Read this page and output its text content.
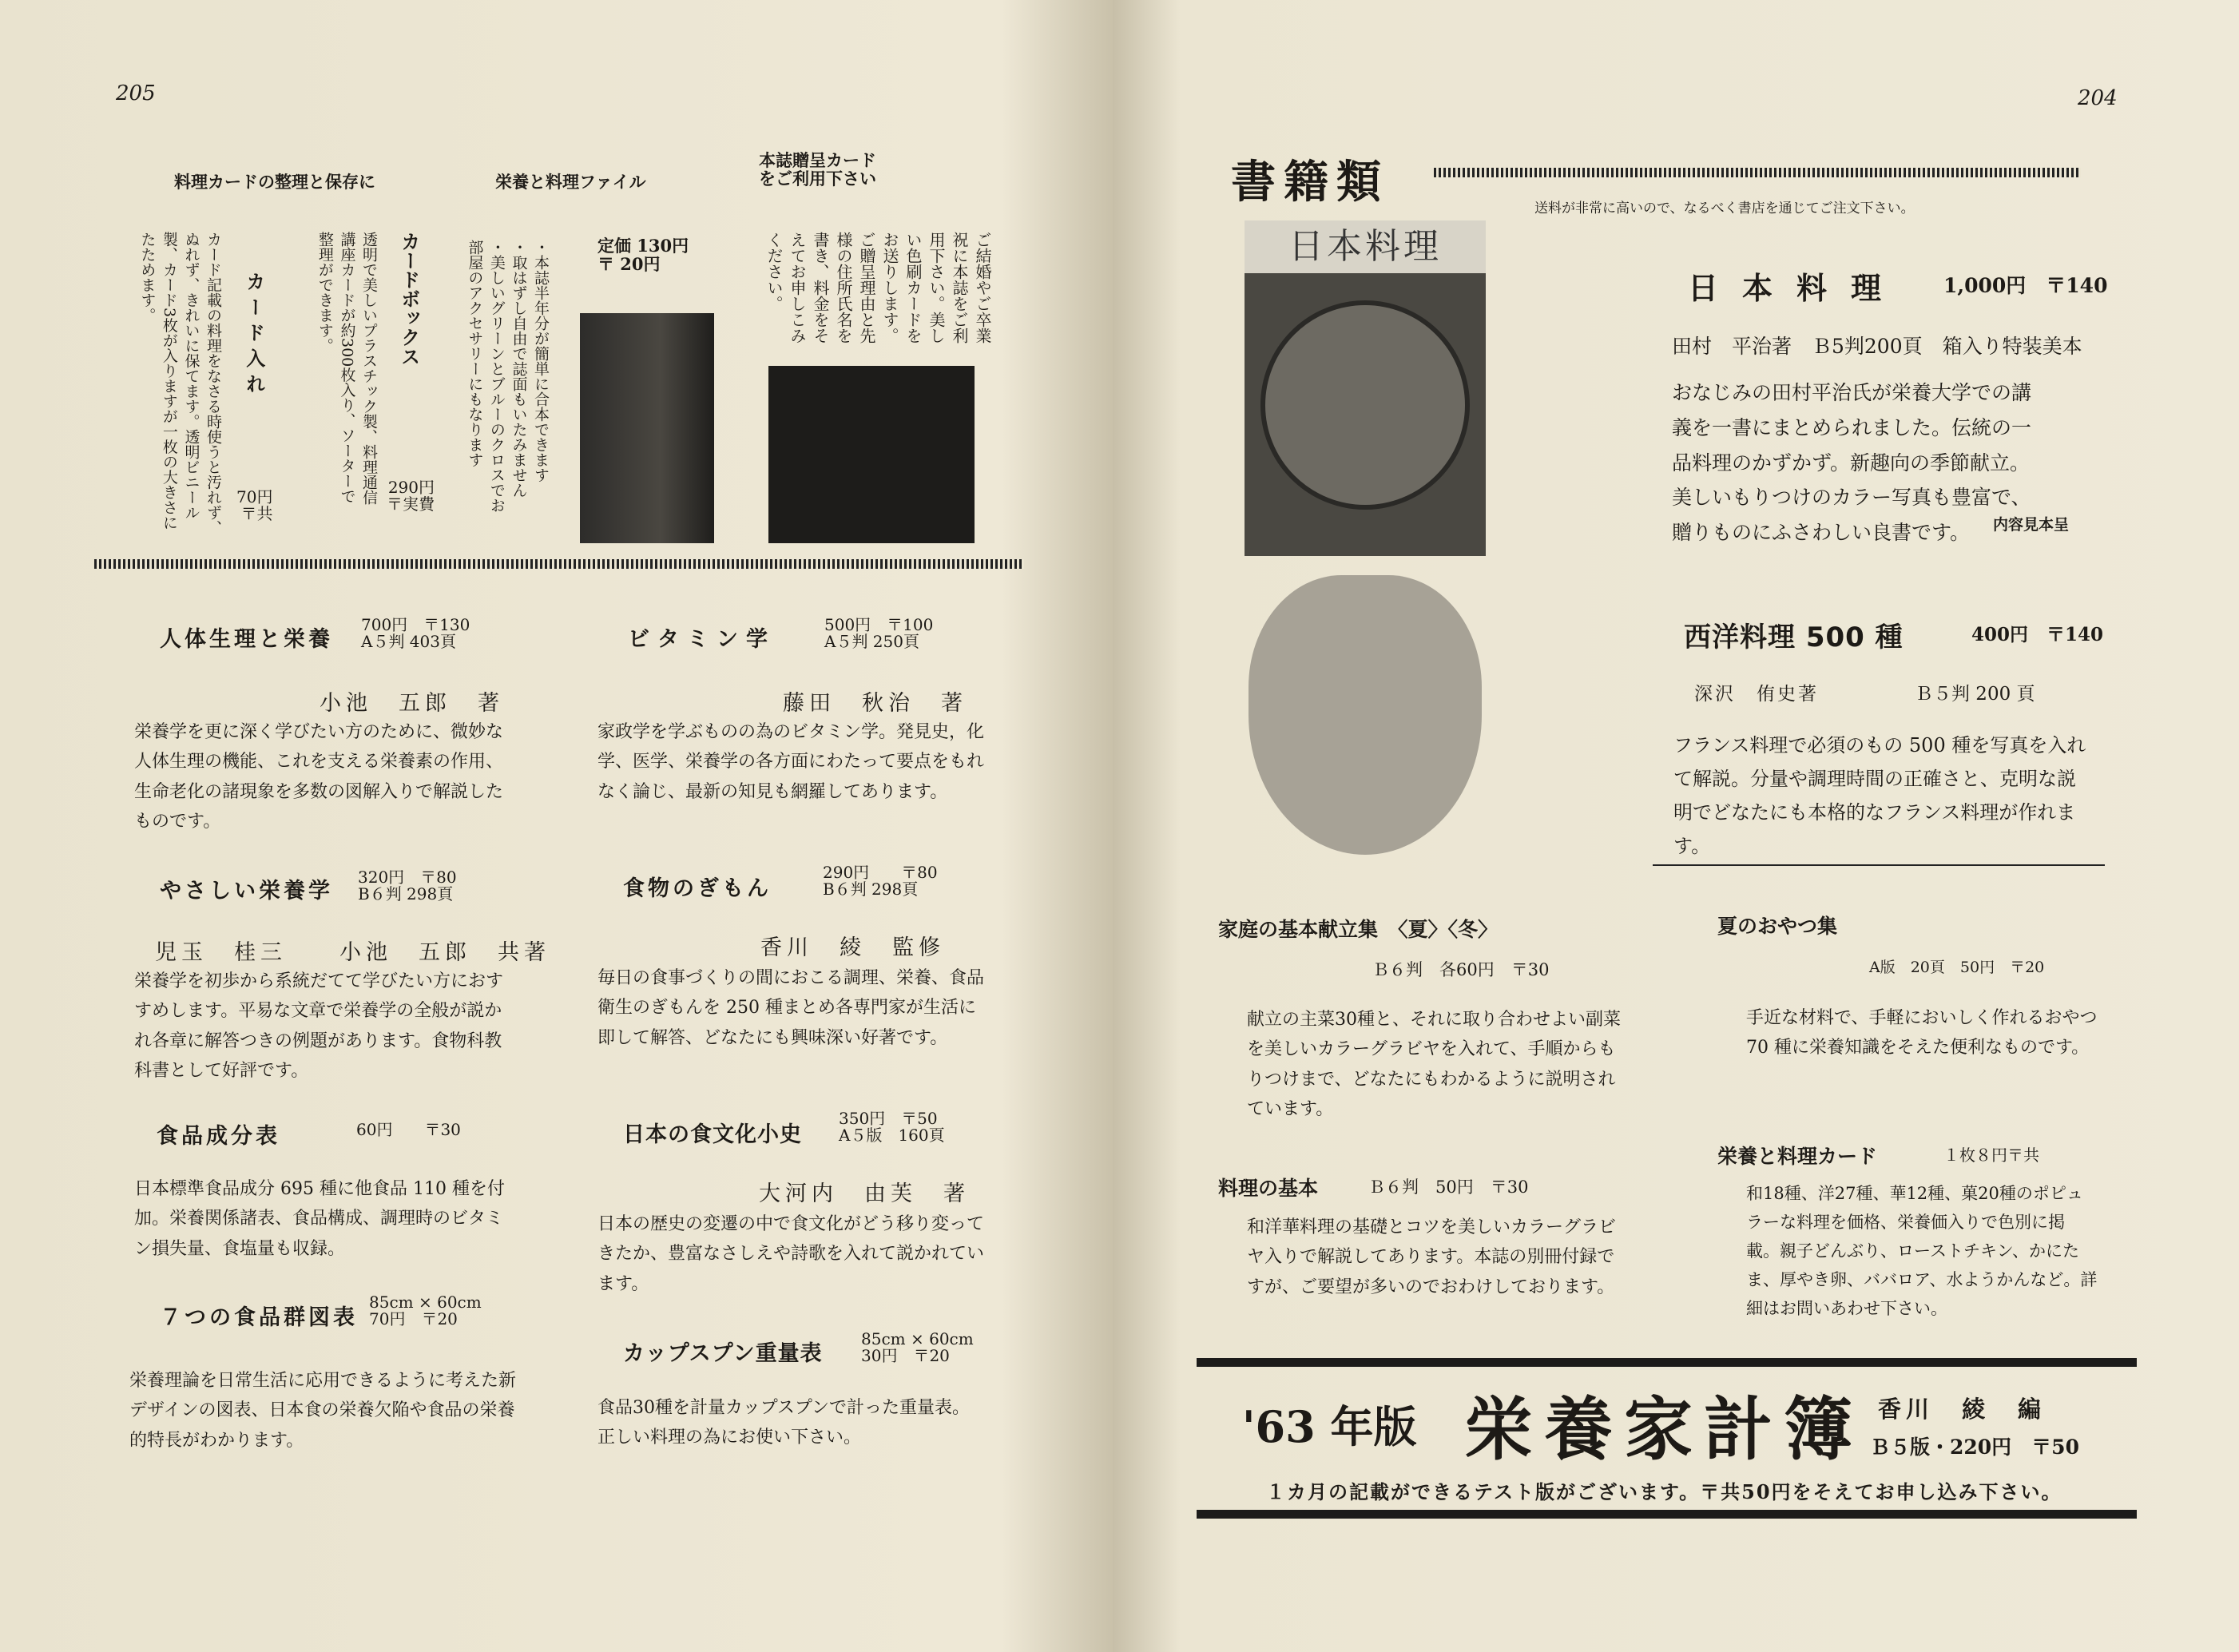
205
料理カードの整理と保存に	栄養と料理ファイル
本誌贈呈カード
をご利用下さい
カード入れ
カード記載の料理をなさる時使うと汚れず、ぬれず、きれいに保てます。透明ビニール製、カード3枚が入りますが一枚の大きさにたためます。
70円
〒共
カードボックス
透明で美しいプラスチック製、料理通信講座カードが約300枚入り、ソーターで整理ができます。
290円
〒実費
・本誌半年分が簡単に合本できます
・取はずし自由で誌面もいたみません
・美しいグリーンとブルーのクロスでお部屋のアクセサリーにもなります	定価 130円
〒 20円	ご結婚やご卒業祝に本誌をご利用下さい。美しい色刷カードをお送りします。ご贈呈理由と先様の住所氏名を書き、料金をそえてお申しこみください。
人体生理と栄養
700円　〒130
A５判 403頁
小池　五郎　著
栄養学を更に深く学びたい方のために、微妙な人体生理の機能、これを支える栄養素の作用、生命老化の諸現象を多数の図解入りで解説したものです。
やさしい栄養学
320円　〒80
B６判 298頁
児玉　桂三　　小池　五郎　共著
栄養学を初歩から系統だてて学びたい方におすすめします。平易な文章で栄養学の全般が説かれ各章に解答つきの例題があります。食物科教科書として好評です。
食品成分表	60円　　〒30
日本標準食品成分 695 種に他食品 110 種を付加。栄養関係諸表、食品構成、調理時のビタミン損失量、食塩量も収録。
７つの食品群図表
85cm × 60cm
70円　〒20
栄養理論を日常生活に応用できるように考えた新デザインの図表、日本食の栄養欠陥や食品の栄養的特長がわかります。
ビタミン学
500円　〒100
A５判 250頁
藤田　秋治　著
家政学を学ぶものの為のビタミン学。発見史，化学、医学、栄養学の各方面にわたって要点をもれなく論じ、最新の知見も網羅してあります。
食物のぎもん
290円　　〒80
B６判 298頁
香川　綾　監修
毎日の食事づくりの間におこる調理、栄養、食品衛生のぎもんを 250 種まとめ各専門家が生活に即して解答、どなたにも興味深い好著です。
日本の食文化小史
350円　〒50
A５版　160頁
大河内　由芙　著
日本の歴史の変遷の中で食文化がどう移り変ってきたか、豊富なさしえや詩歌を入れて説かれています。
カップスプン重量表
85cm × 60cm
30円　〒20
食品30種を計量カップスプンで計った重量表。正しい料理の為にお使い下さい。
204
書籍類	送料が非常に高いので、なるべく書店を通じてご注文下さい。
日本料理
日本料理 1,000円　〒140
田村　平治著　Ｂ5判200頁　箱入り特装美本
おなじみの田村平治氏が栄養大学での講義を一書にまとめられました。伝統の一品料理のかずかず。新趣向の季節献立。美しいもりつけのカラー写真も豊富で、贈りものにふさわしい良書です。	内容見本呈
西洋料理 500 種	400円　〒140
深沢　侑史著	Ｂ５判 200 頁
フランス料理で必須のもの 500 種を写真を入れて解説。分量や調理時間の正確さと、克明な説明でどなたにも本格的なフランス料理が作れます。
家庭の基本献立集　〈夏〉〈冬〉
Ｂ６判　各60円　〒30
献立の主菜30種と、それに取り合わせよい副菜を美しいカラーグラビヤを入れて、手順からもりつけまで、どなたにもわかるように説明されています。
夏のおやつ集
A版　20頁　50円　〒20
手近な材料で、手軽においしく作れるおやつ 70 種に栄養知識をそえた便利なものです。
料理の基本	Ｂ６判　50円　〒30
和洋華料理の基礎とコツを美しいカラーグラビヤ入りで解説してあります。本誌の別冊付録ですが、ご要望が多いのでおわけしております。
栄養と料理カード	１枚８円〒共
和18種、洋27種、華12種、菓20種のポピュラーな料理を価格、栄養価入りで色別に掲載。親子どんぶり、ローストチキン、かにたま、厚やき卵、ババロア、水ようかんなど。詳細はお問いあわせ下さい。
'63 年版 栄養家計簿 香川　綾　編
Ｂ５版・220円　〒50
１カ月の記載ができるテスト版がございます。〒共50円をそえてお申し込み下さい。
